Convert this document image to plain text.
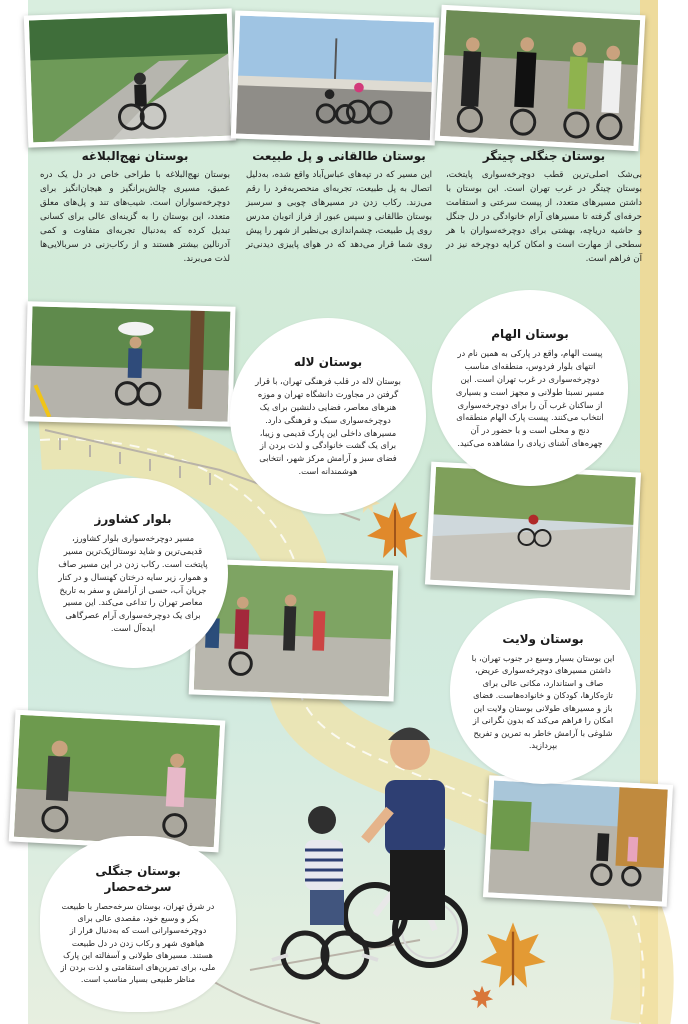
بوستان جنگلی چیتگر

بی‌شک اصلی‌ترین قطب دوچرخه‌سواری پایتخت، بوستان چیتگر در غرب تهران است. این بوستان با داشتن مسیرهای متعدد، از پیست سرعتی و استقامت حرفه‌ای گرفته تا مسیرهای آرام خانوادگی در دل جنگل و حاشیه دریاچه، بهشتی برای دوچرخه‌سواران با هر سطحی از مهارت است و امکان کرایه دوچرخه نیز در آن فراهم است.

بوستان طالقانی و پل طبیعت

این مسیر که در تپه‌های عباس‌آباد واقع شده، به‌دلیل اتصال به پل طبیعت، تجربه‌ای منحصربه‌فرد را رقم می‌زند. رکاب زدن در مسیرهای چوبی و سرسبز بوستان طالقانی و سپس عبور از فراز اتوبان مدرس روی پل طبیعت، چشم‌اندازی بی‌نظیر از شهر را پیش روی شما قرار می‌دهد که در هوای پاییزی دیدنی‌تر است.

بوستان نهج‌البلاغه

بوستان نهج‌البلاغه با طراحی خاص در دل یک دره عمیق، مسیری چالش‌برانگیز و هیجان‌انگیز برای دوچرخه‌سواران است. شیب‌های تند و پل‌های معلق متعدد، این بوستان را به گزینه‌ای عالی برای کسانی تبدیل کرده که به‌دنبال تجربه‌ای متفاوت و کمی آدرنالین بیشتر هستند و از رکاب‌زنی در سربالایی‌ها لذت می‌برند.

بوستان الهام

پیست الهام، واقع در پارکی به همین نام در انتهای بلوار فردوس، منطقه‌ای مناسب دوچرخه‌سواری در غرب تهران است. این مسیر نسبتا طولانی و مجهز است و بسیاری از ساکنان غرب آن را برای دوچرخه‌سواری انتخاب می‌کنند. پیست پارک الهام منطقه‌ای دنج و محلی است و با حضور در آن چهره‌های آشنای زیادی را مشاهده می‌کنید.

بوستان لاله

بوستان لاله در قلب فرهنگی تهران، با قرار گرفتن در مجاورت دانشگاه تهران و موزه هنرهای معاصر، فضایی دلنشین برای یک دوچرخه‌سواری سبک و فرهنگی دارد. مسیرهای داخلی این پارک قدیمی و زیبا، برای یک گشت خانوادگی و لذت بردن از فضای سبز و آرامش مرکز شهر، انتخابی هوشمندانه است.

بلوار کشاورز

مسیر دوچرخه‌سواری بلوار کشاورز، قدیمی‌ترین و شاید نوستالژیک‌ترین مسیر پایتخت است. رکاب زدن در این مسیر صاف و هموار، زیر سایه درختان کهنسال و در کنار جریان آب، حسی از آرامش و سفر به تاریخ معاصر تهران را تداعی می‌کند. این مسیر برای یک دوچرخه‌سواری آرام عصرگاهی ایده‌آل است.

بوستان ولایت

این بوستان بسیار وسیع در جنوب تهران، با داشتن مسیرهای دوچرخه‌سواری عریض، صاف و استاندارد، مکانی عالی برای تازه‌کارها، کودکان و خانواده‌هاست. فضای باز و مسیرهای طولانی بوستان ولایت این امکان را فراهم می‌کند که بدون نگرانی از شلوغی با آرامش خاطر به تمرین و تفریح بپردازید.

بوستان جنگلی سرخه‌حصار

در شرق تهران، بوستان سرخه‌حصار با طبیعت بکر و وسیع خود، مقصدی عالی برای دوچرخه‌سوارانی است که به‌دنبال فرار از هیاهوی شهر و رکاب زدن در دل طبیعت هستند. مسیرهای طولانی و آسفالته این پارک ملی، برای تمرین‌های استقامتی و لذت بردن از مناظر طبیعی بسیار مناسب است.
